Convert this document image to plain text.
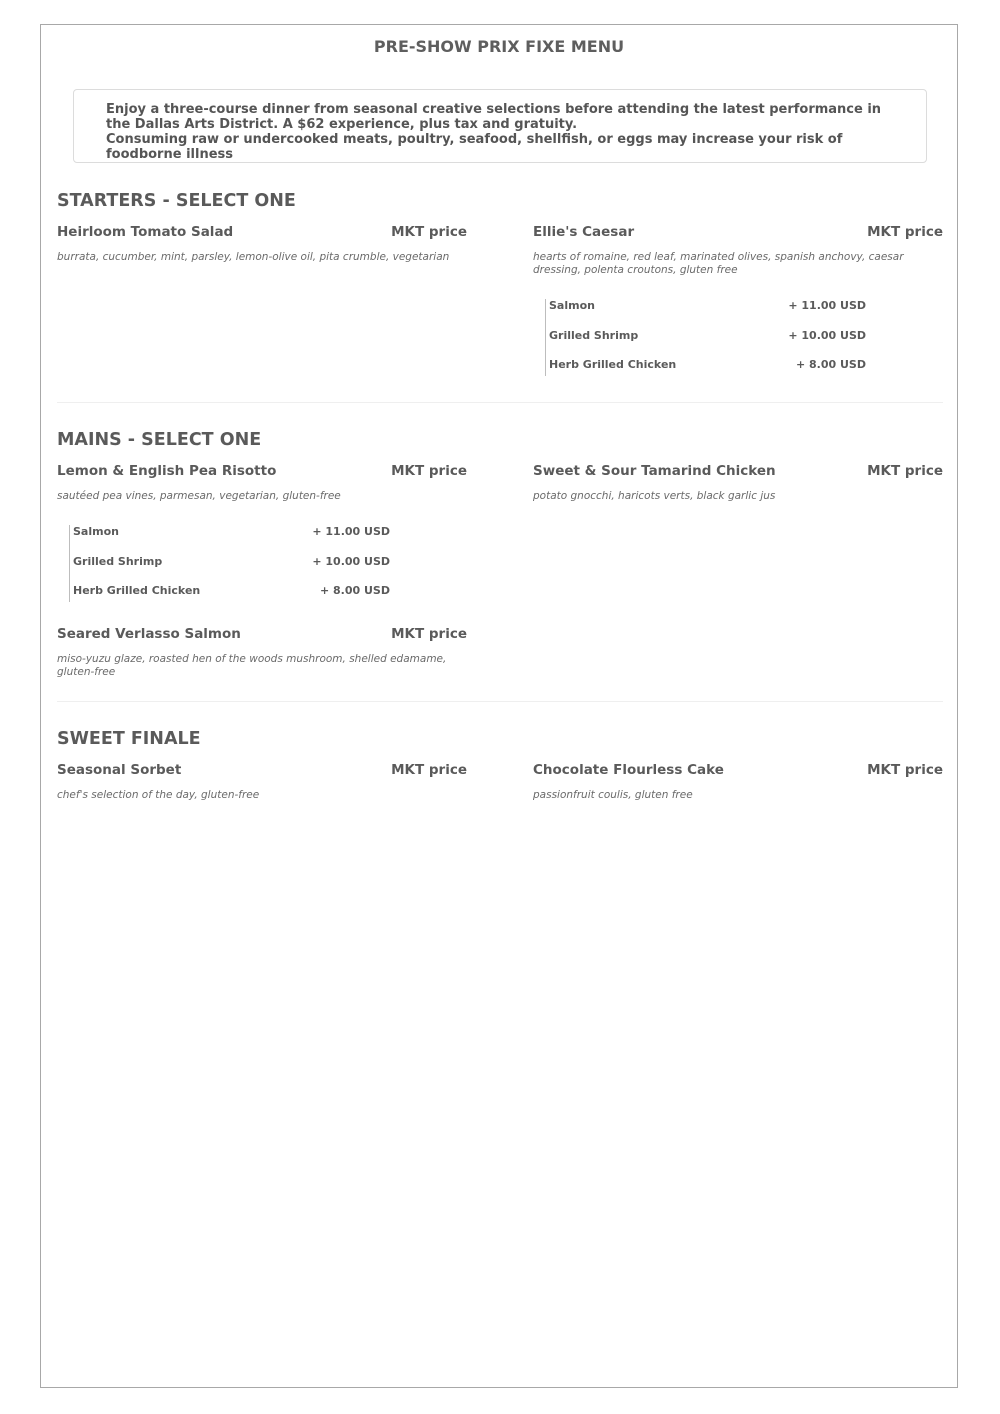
PRE-SHOW PRIX FIXE MENU

Enjoy a three-course dinner from seasonal creative selections before attending the latest performance in the Dallas Arts District. A $62 experience, plus tax and gratuity.

Consuming raw or undercooked meats, poultry, seafood, shellfish, or eggs may increase your risk of foodborne illness

STARTERS - SELECT ONE
Heirloom Tomato Salad	MKT price
burrata, cucumber, mint, parsley, lemon-olive oil, pita crumble, vegetarian
Ellie's Caesar	MKT price
hearts of romaine, red leaf, marinated olives, spanish anchovy, caesar dressing, polenta croutons, gluten free
Salmon	+ 11.00 USD
Grilled Shrimp	+ 10.00 USD
Herb Grilled Chicken	+ 8.00 USD
MAINS - SELECT ONE
Lemon & English Pea Risotto	MKT price
sautéed pea vines, parmesan, vegetarian, gluten-free
Salmon	+ 11.00 USD
Grilled Shrimp	+ 10.00 USD
Herb Grilled Chicken	+ 8.00 USD
Sweet & Sour Tamarind Chicken	MKT price
potato gnocchi, haricots verts, black garlic jus
Seared Verlasso Salmon	MKT price
miso-yuzu glaze, roasted hen of the woods mushroom, shelled edamame, gluten-free
SWEET FINALE
Seasonal Sorbet	MKT price
chef's selection of the day, gluten-free
Chocolate Flourless Cake	MKT price
passionfruit coulis, gluten free
